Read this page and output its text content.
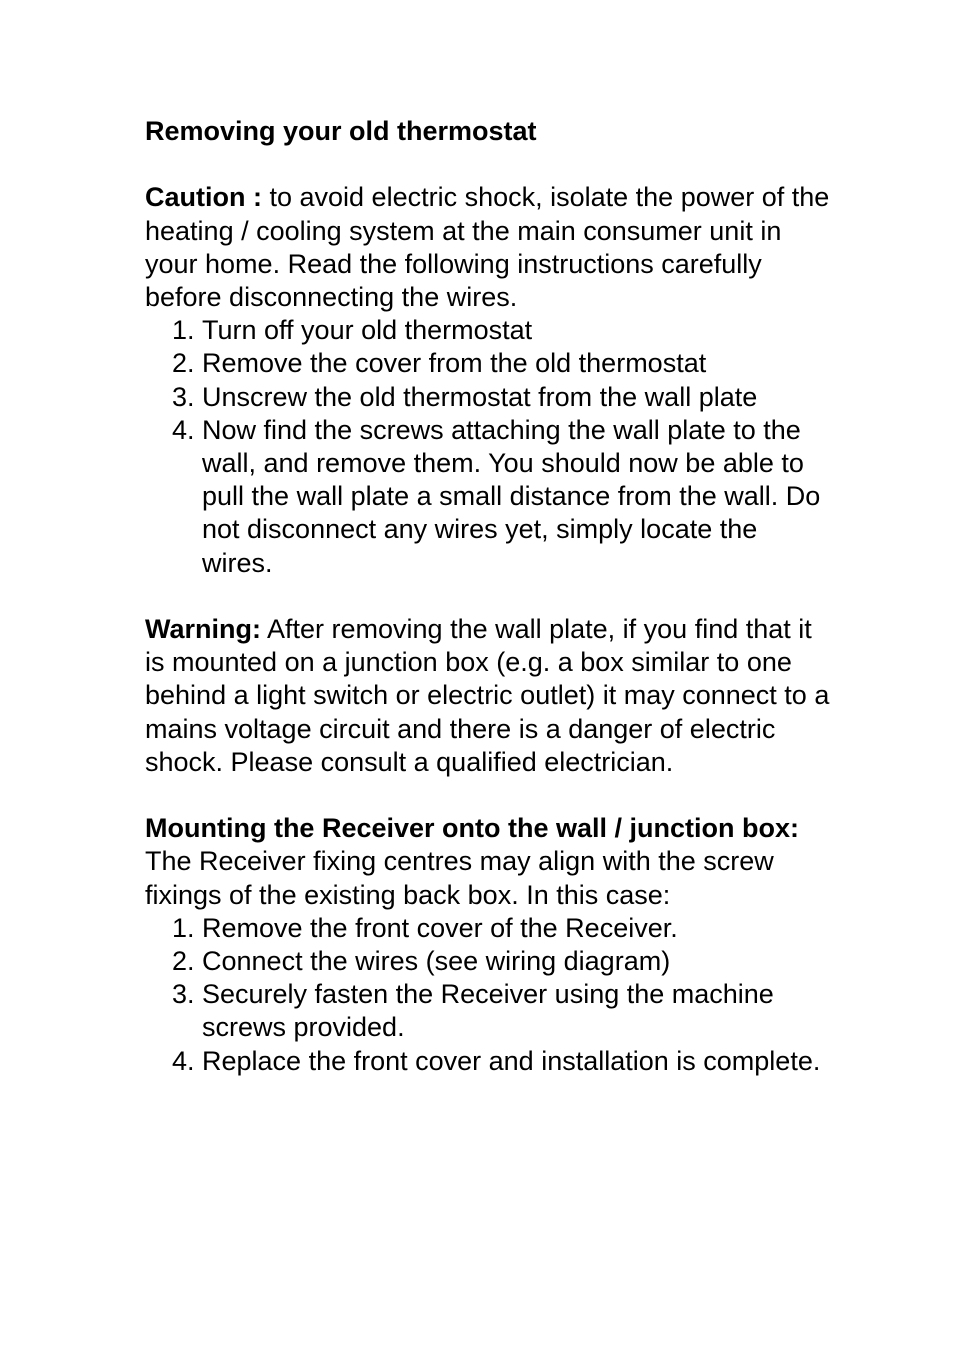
Removing your old thermostat

Caution : to avoid electric shock, isolate the power of the heating / cooling system at the main consumer unit in your home. Read the following instructions carefully before disconnecting the wires.

1. Turn off your old thermostat
2. Remove the cover from the old thermostat
3. Unscrew the old thermostat from the wall plate
4. Now find the screws attaching the wall plate to the wall, and remove them. You should now be able to pull the wall plate a small distance from the wall. Do not disconnect any wires yet, simply locate the wires.

Warning: After removing the wall plate, if you find that it is mounted on a junction box (e.g. a box similar to one behind a light switch or electric outlet) it may connect to a mains voltage circuit and there is a danger of electric shock. Please consult a qualified electrician.

Mounting the Receiver onto the wall / junction box:

The Receiver fixing centres may align with the screw fixings of the existing back box. In this case:

1. Remove the front cover of the Receiver.
2. Connect the wires (see wiring diagram)
3. Securely fasten the Receiver using the machine screws provided.
4. Replace the front cover and installation is complete.
